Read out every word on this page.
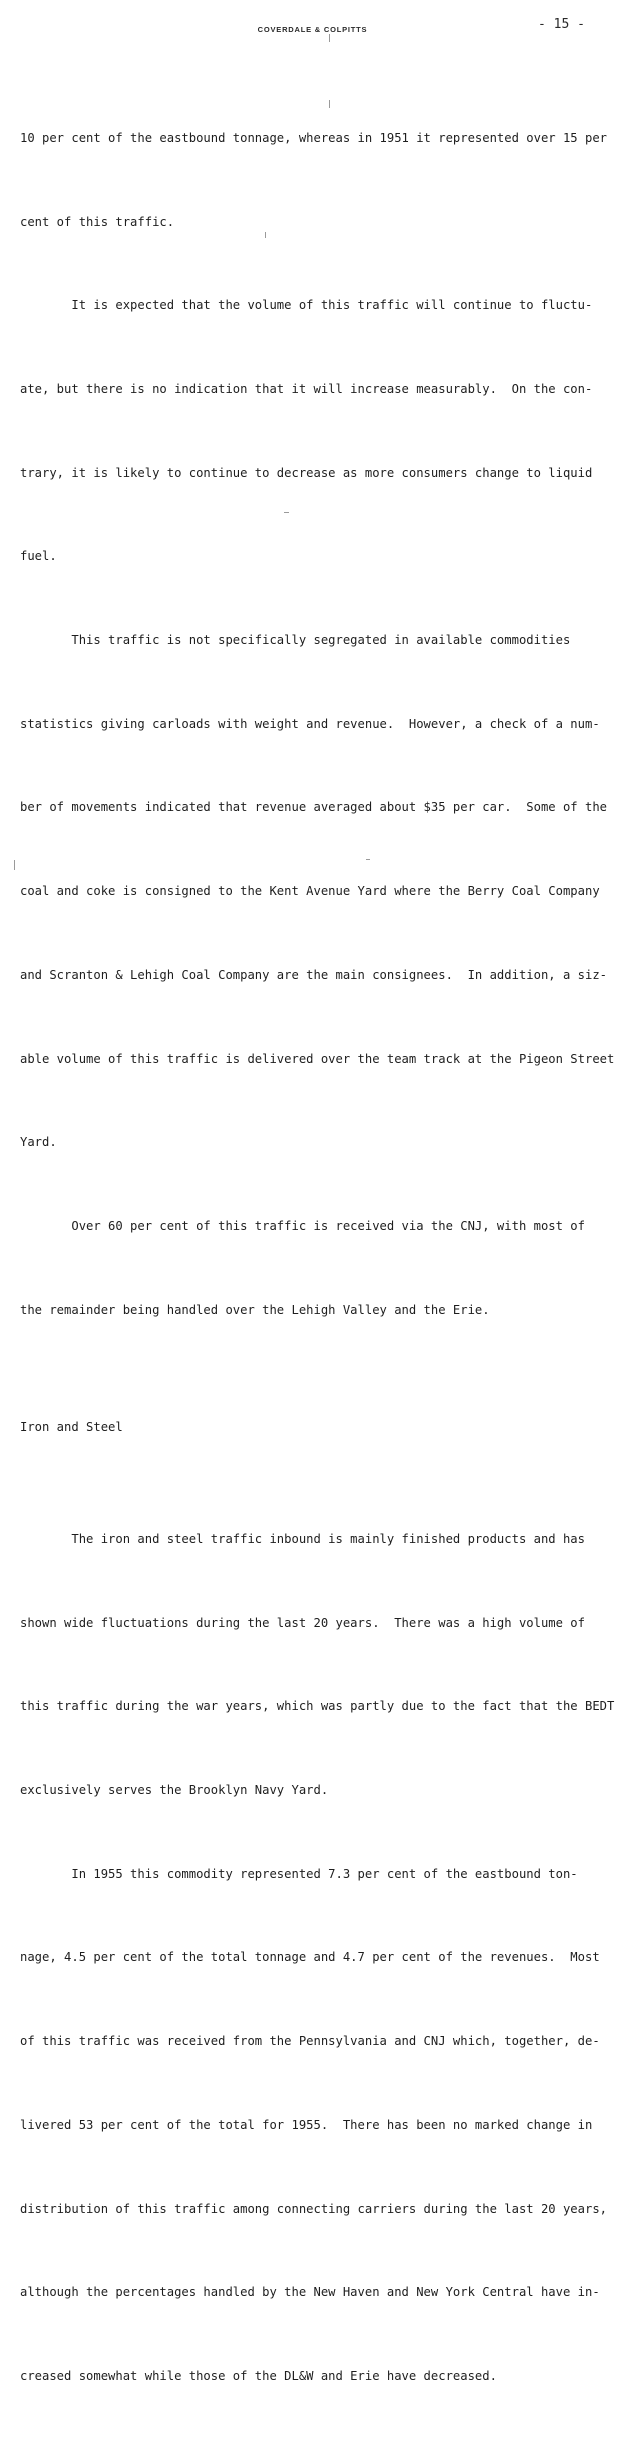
COVERDALE & COLPITTS	- 15 -

10 per cent of the eastbound tonnage, whereas in 1951 it represented over 15 per

cent of this traffic.

It is expected that the volume of this traffic will continue to fluctu-

ate, but there is no indication that it will increase measurably.  On the con-

trary, it is likely to continue to decrease as more consumers change to liquid

fuel.

This traffic is not specifically segregated in available commodities

statistics giving carloads with weight and revenue.  However, a check of a num-

ber of movements indicated that revenue averaged about $35 per car.  Some of the

coal and coke is consigned to the Kent Avenue Yard where the Berry Coal Company

and Scranton & Lehigh Coal Company are the main consignees.  In addition, a siz-

able volume of this traffic is delivered over the team track at the Pigeon Street

Yard.

Over 60 per cent of this traffic is received via the CNJ, with most of

the remainder being handled over the Lehigh Valley and the Erie.

Iron and Steel

The iron and steel traffic inbound is mainly finished products and has

shown wide fluctuations during the last 20 years.  There was a high volume of

this traffic during the war years, which was partly due to the fact that the BEDT

exclusively serves the Brooklyn Navy Yard.

In 1955 this commodity represented 7.3 per cent of the eastbound ton-

nage, 4.5 per cent of the total tonnage and 4.7 per cent of the revenues.  Most

of this traffic was received from the Pennsylvania and CNJ which, together, de-

livered 53 per cent of the total for 1955.  There has been no marked change in

distribution of this traffic among connecting carriers during the last 20 years,

although the percentages handled by the New Haven and New York Central have in-

creased somewhat while those of the DL&W and Erie have decreased.
